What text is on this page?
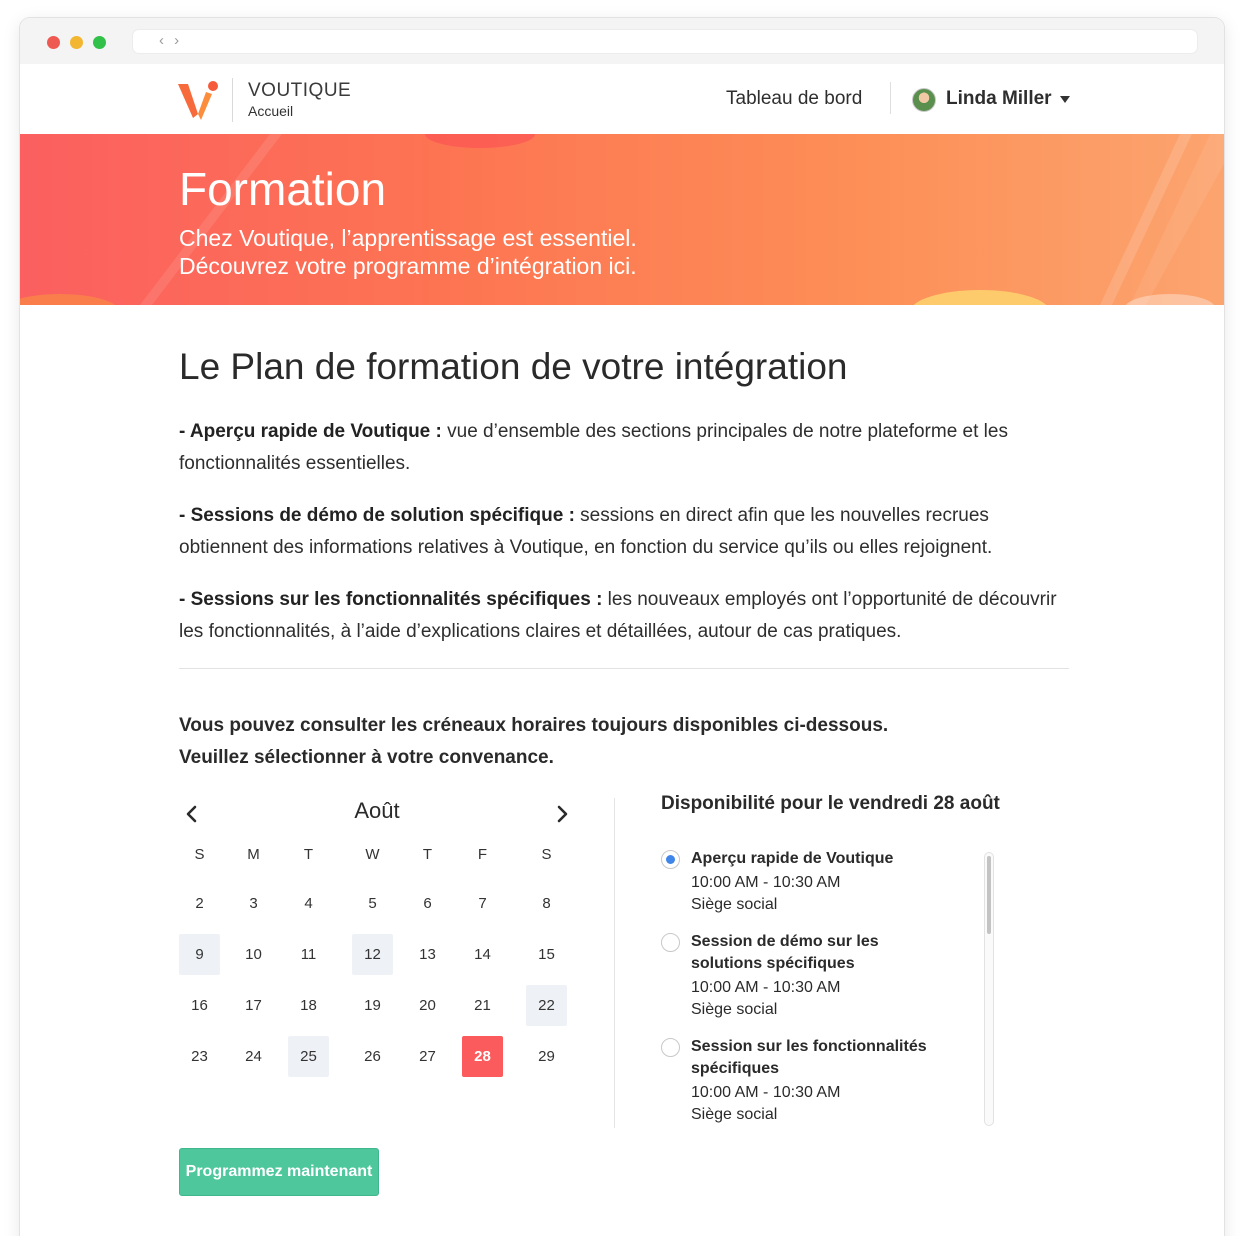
‹ ›
VOUTIQUE
Accueil
Tableau de bord	Linda Miller
Formation
Chez Voutique, l’apprentissage est essentiel.
Découvrez votre programme d’intégration ici.
Le Plan de formation de votre intégration

- Aperçu rapide de Voutique : vue d’ensemble des sections principales de notre plateforme et les fonctionnalités essentielles.

- Sessions de démo de solution spécifique : sessions en direct afin que les nouvelles recrues obtiennent des informations relatives à Voutique, en fonction du service qu’ils ou elles rejoignent.

- Sessions sur les fonctionnalités spécifiques : les nouveaux employés ont l’opportunité de découvrir les fonctionnalités, à l’aide d’explications claires et détaillées, autour de cas pratiques.

Vous pouvez consulter les créneaux horaires toujours disponibles ci-dessous.
Veuillez sélectionner à votre convenance.
Août
S	M	T	W	T	F	S
2	3	4	5	6	7	8
9	10	11	12	13	14	15
16	17	18	19	20	21	22
23	24	25	26	27	28	29
Disponibilité pour le vendredi 28 août
Aperçu rapide de Voutique
10:00 AM - 10:30 AM
Siège social
Session de démo sur les solutions spécifiques
10:00 AM - 10:30 AM
Siège social
Session sur les fonctionnalités spécifiques
10:00 AM - 10:30 AM
Siège social
Programmez maintenant
